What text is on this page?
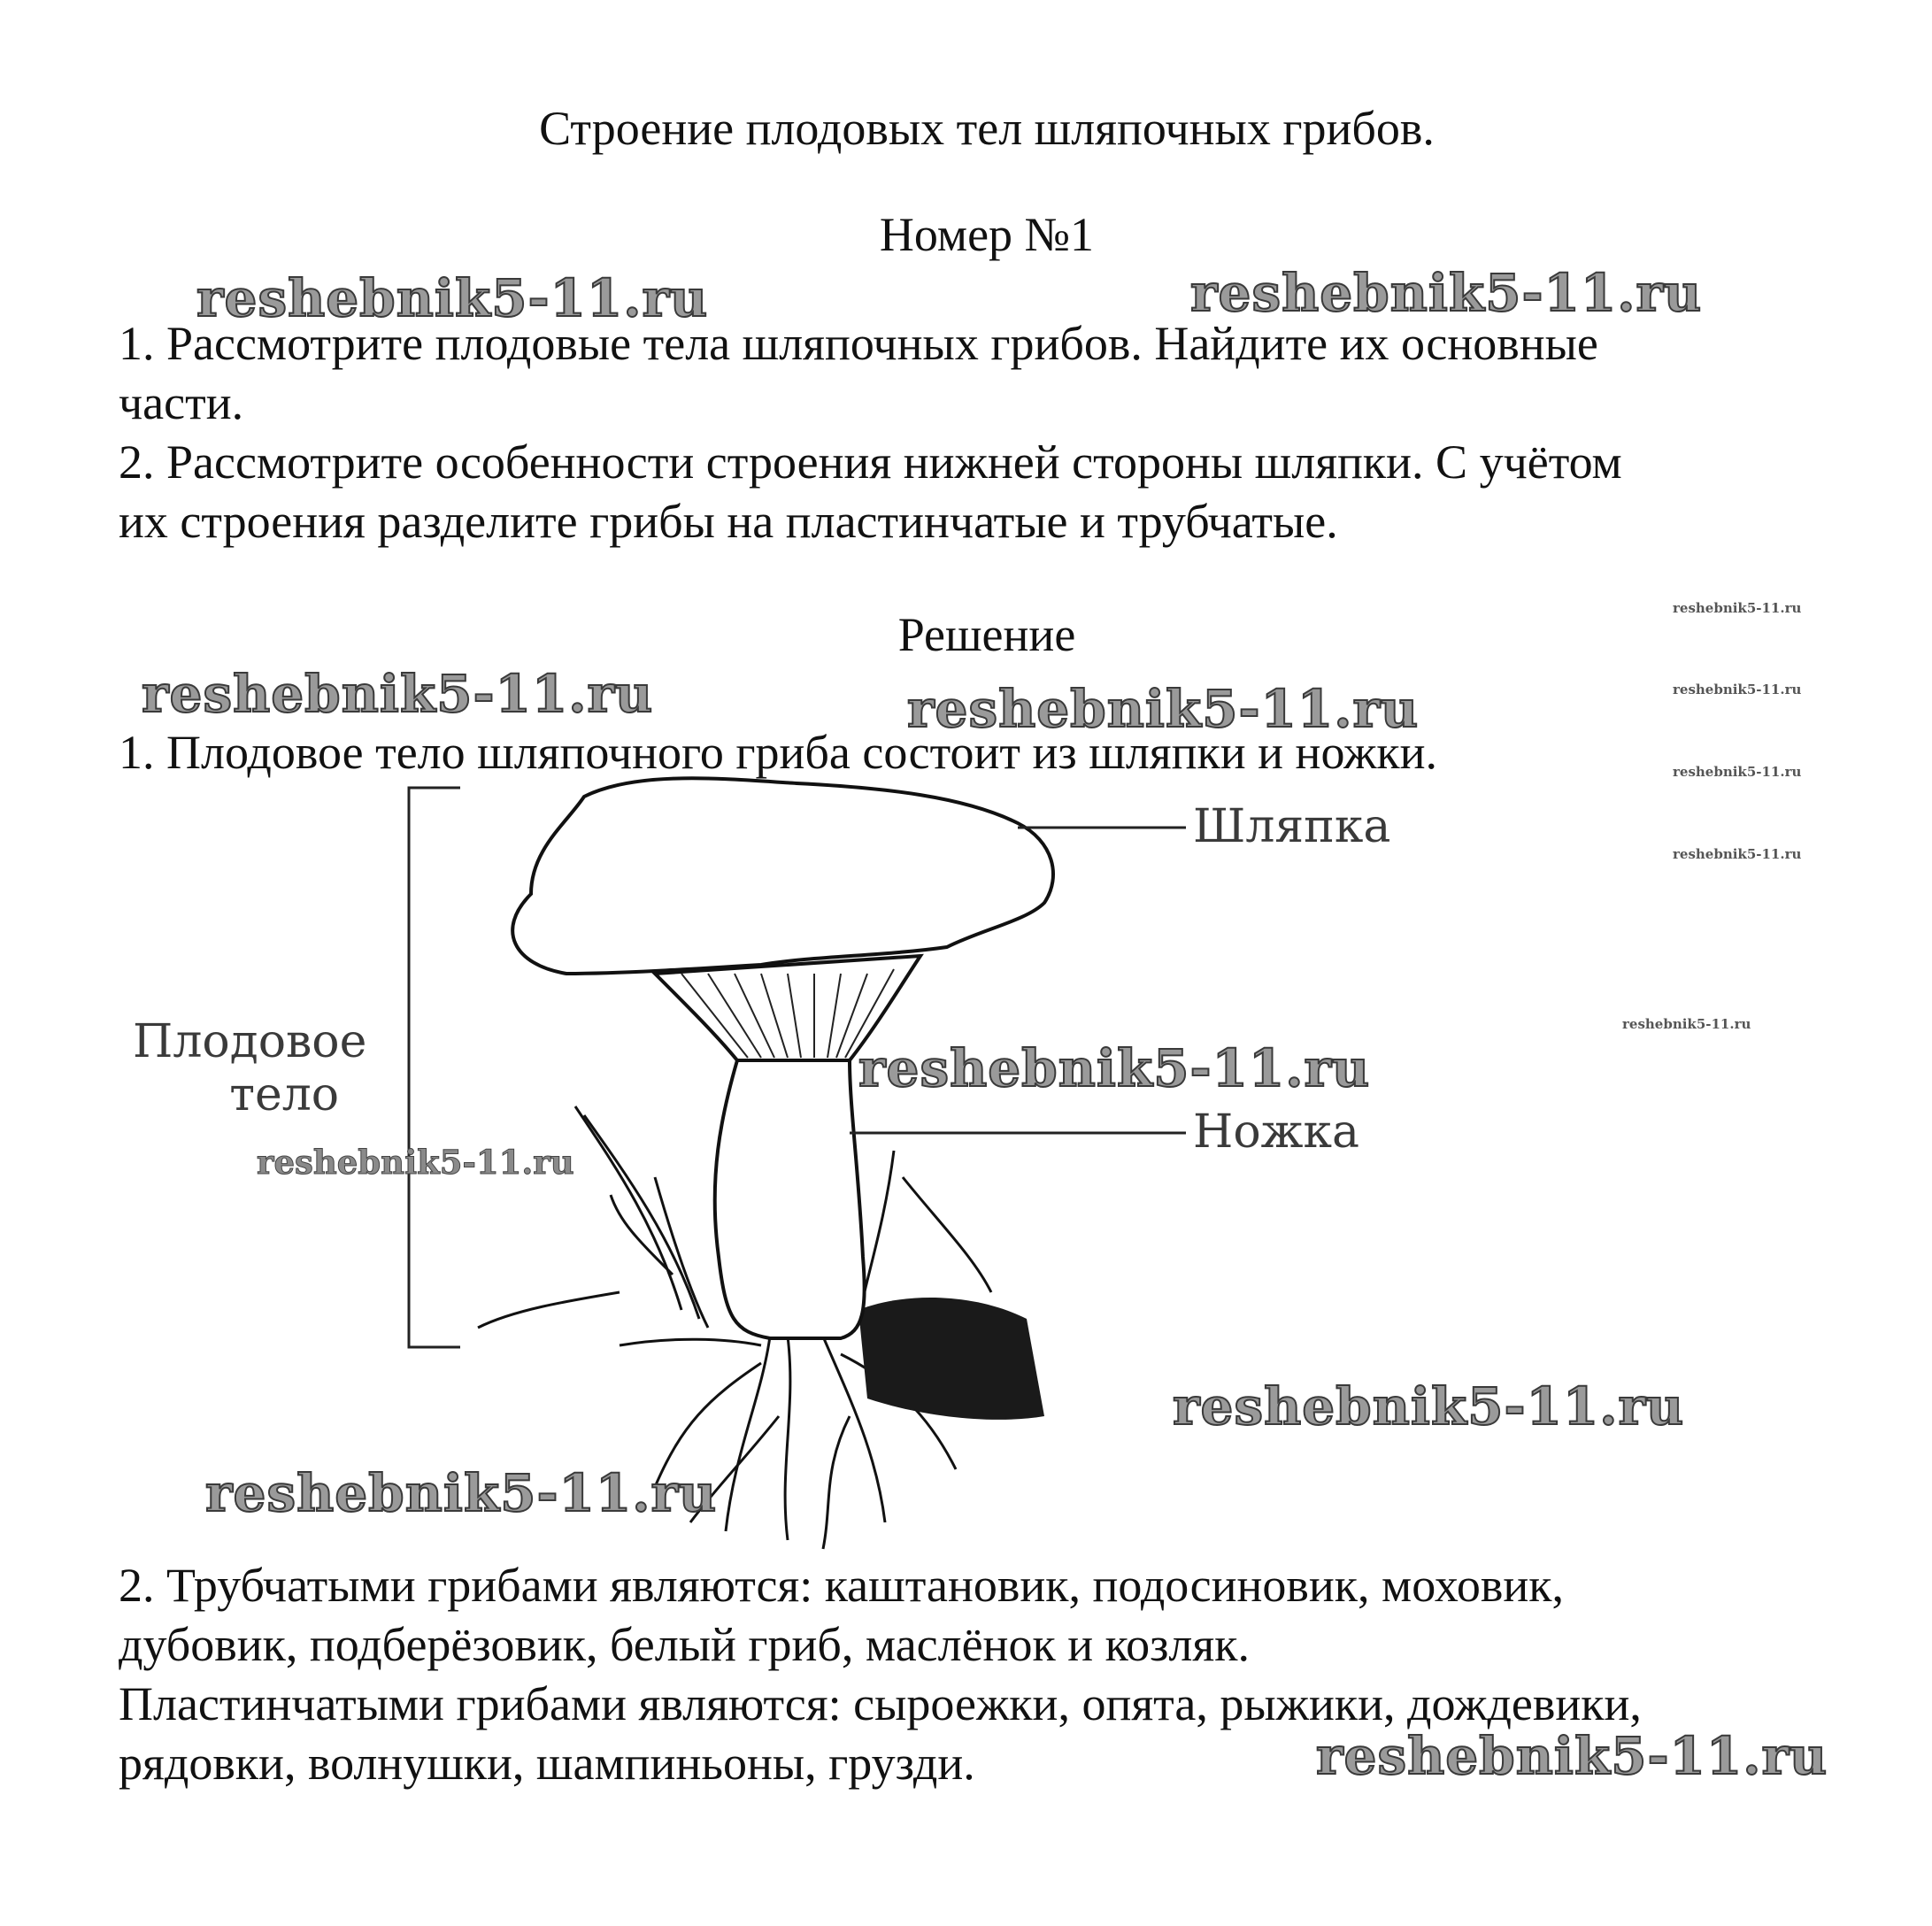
Строение плодовых тел шляпочных грибов.
Номер №1
1. Рассмотрите плодовые тела шляпочных грибов. Найдите их основные
части.
2. Рассмотрите особенности строения нижней стороны шляпки. С учётом
их строения разделите грибы на пластинчатые и трубчатые.
Решение
1. Плодовое тело шляпочного гриба состоит из шляпки и ножки.
Шляпка
Ножка
Плодовое
тело
2. Трубчатыми грибами являются: каштановик, подосиновик, моховик,
дубовик, подберёзовик, белый гриб, маслёнок и козляк.
Пластинчатыми грибами являются: сыроежки, опята, рыжики, дождевики,
рядовки, волнушки, шампиньоны, грузди.
reshebnik5-11.ru	reshebnik5-11.ru
reshebnik5-11.ru	reshebnik5-11.ru
reshebnik5-11.ru
reshebnik5-11.ru
reshebnik5-11.ru
reshebnik5-11.ru
reshebnik5-11.ru
reshebnik5-11.ru
reshebnik5-11.ru
reshebnik5-11.ru
reshebnik5-11.ru
reshebnik5-11.ru
